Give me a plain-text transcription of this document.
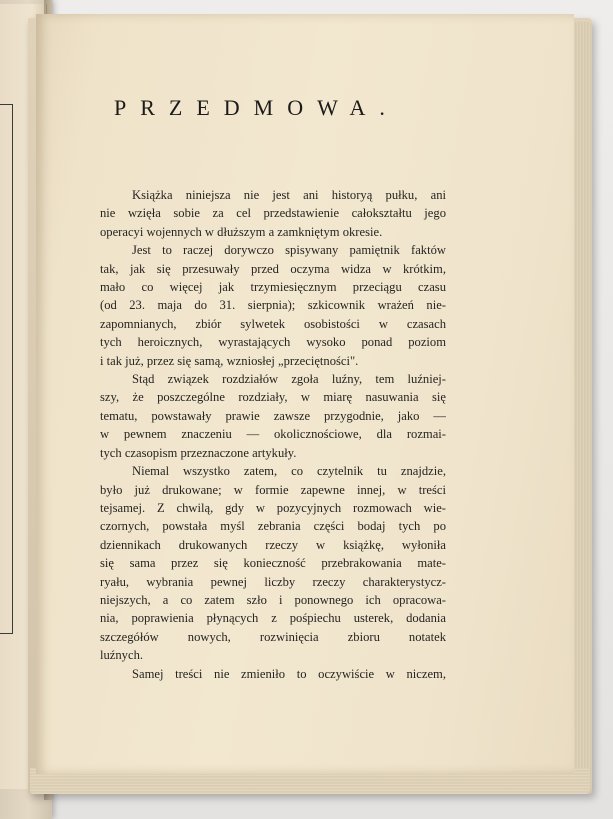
PRZEDMOWA.
Książka niniejsza nie jest ani historyą pułku, ani
nie wzięła sobie za cel przedstawienie całokształtu jego
operacyi wojennych w dłuższym a zamkniętym okresie.
Jest to raczej dorywczo spisywany pamiętnik faktów
tak, jak się przesuwały przed oczyma widza w krótkim,
mało co więcej jak trzymiesięcznym przeciągu czasu
(od 23. maja do 31. sierpnia); szkicownik wrażeń nie-
zapomnianych, zbiór sylwetek osobistości w czasach
tych heroicznych, wyrastających wysoko ponad poziom
i tak już, przez się samą, wzniosłej „przeciętności".
Stąd związek rozdziałów zgoła luźny, tem luźniej-
szy, że poszczególne rozdziały, w miarę nasuwania się
tematu, powstawały prawie zawsze przygodnie, jako —
w pewnem znaczeniu — okolicznościowe, dla rozmai-
tych czasopism przeznaczone artykuły.
Niemal wszystko zatem, co czytelnik tu znajdzie,
było już drukowane; w formie zapewne innej, w treści
tejsamej. Z chwilą, gdy w pozycyjnych rozmowach wie-
czornych, powstała myśl zebrania części bodaj tych po
dziennikach drukowanych rzeczy w książkę, wyłoniła
się sama przez się konieczność przebrakowania mate-
ryału, wybrania pewnej liczby rzeczy charakterystycz-
niejszych, a co zatem szło i ponownego ich opracowa-
nia, poprawienia płynących z pośpiechu usterek, dodania
szczegółów nowych, rozwinięcia zbioru notatek
luźnych.
Samej treści nie zmieniło to oczywiście w niczem,
